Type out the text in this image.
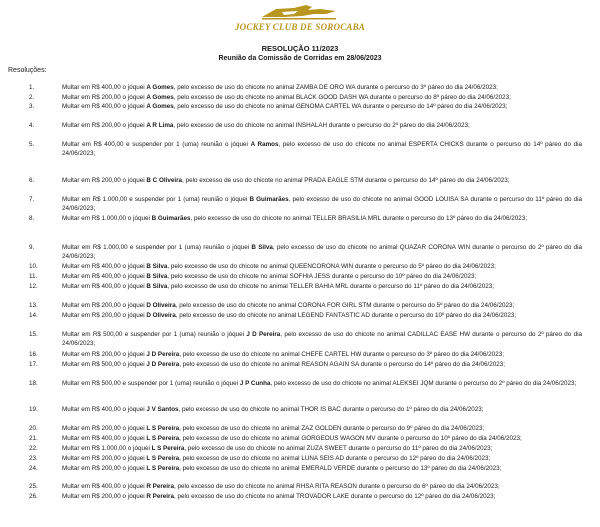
JOCKEY CLUB DE SOROCABA
RESOLUÇÃO 11/2023
Reunião da Comissão de Corridas em 28/06/2023
Resoluções:
1.	Multar em R$ 400,00 o jóquei A Gomes, pelo excesso de uso do chicote no animal ZAMBA DE ORO WA durante o percurso do 3º páreo do dia 24/06/2023;
2.	Multar em R$ 200,00 o jóquei A Gomes, pelo excesso de uso do chicote no animal BLACK GOOD DASH WA durante o percurso do 8º páreo do dia 24/06/2023;
3.	Multar em R$ 400,00 o jóquei A Gomes, pelo excesso de uso do chicote no animal GENOMA CARTEL WA durante o percurso do 14º páreo do dia 24/06/2023;
4.	Multar em R$ 200,00 o jóquei A R Lima, pelo excesso de uso do chicote no animal INSHALAH durante o percurso do 2º páreo do dia 24/06/2023;
5.	Multar em R$ 400,00 e suspender por 1 (uma) reunião o jóquei A Ramos, pelo excesso de uso do chicote no animal ESPERTA CHICKS durante o percurso do 14º páreo do dia 24/06/2023;
6.	Multar em R$ 200,00 o jóquei B C Oliveira, pelo excesso de uso do chicote no animal PRADA EAGLE STM durante o percurso do 14º páreo do dia 24/06/2023;
7.	Multar em R$ 1.000,00 e suspender por 1 (uma) reunião o jóquei B Guimarães, pelo excesso de uso do chicote no animal GOOD LOUISA SA durante o percurso do 11º páreo do dia 24/06/2023;
8.	Multar em R$ 1.000,00 o jóquei B Guimarães, pelo excesso de uso do chicote no animal TELLER BRASILIA MRL durante o percurso do 13º páreo do dia 24/06/2023;
9.	Multar em R$ 1.000,00 e suspender por 1 (uma) reunião o jóquei B Silva, pelo excesso de uso do chicote no animal QUAZAR CORONA WIN durante o percurso do 2º páreo do dia 24/06/2023;
10.	Multar em R$ 400,00 o jóquei B Silva, pelo excesso de uso do chicote no animal QUEENCORONA WIN durante o percurso do 5º páreo do dia 24/06/2023;
11.	Multar em R$ 400,00 o jóquei B Silva, pelo excesso de uso do chicote no animal SOFHIA JESS durante o percurso do 10º páreo do dia 24/06/2023;
12.	Multar em R$ 400,00 o jóquei B Silva, pelo excesso de uso do chicote no animal TELLER BAHIA MRL durante o percurso do 11º páreo do dia 24/06/2023;
13.	Multar em R$ 200,00 o jóquei D Oliveira, pelo excesso de uso do chicote no animal CORONA FOR GIRL STM durante o percurso do 5º páreo do dia 24/06/2023;
14.	Multar em R$ 200,00 o jóquei D Oliveira, pelo excesso de uso do chicote no animal LEGEND FANTASTIC AD durante o percurso do 10º páreo do dia 24/06/2023;
15.	Multar em R$ 500,00 e suspender por 1 (uma) reunião o jóquei J D Pereira, pelo excesso de uso do chicote no animal CADILLAC EASE HW durante o percurso do 2º páreo do dia 24/06/2023;
16.	Multar em R$ 200,00 o jóquei J D Pereira, pelo excesso de uso do chicote no animal CHEFE CARTEL HW durante o percurso do 3º páreo do dia 24/06/2023;
17.	Multar em R$ 500,00 o jóquei J D Pereira, pelo excesso de uso do chicote no animal REASON AGAIN SA durante o percurso do 14º páreo do dia 24/06/2023;
18.	Multar em R$ 500,00 e suspender por 1 (uma) reunião o jóquei J P Cunha, pelo excesso de uso do chicote no animal ALEKSEI JQM durante o percurso do 2º páreo do dia 24/06/2023;
19.	Multar em R$ 400,00 o jóquei J V Santos, pelo excesso de uso do chicote no animal THOR IS BAC durante o percurso do 1º páreo do dia 24/06/2023;
20.	Multar em R$ 200,00 o jóquei L S Pereira, pelo excesso de uso do chicote no animal ZAZ GOLDEN durante o percurso do 9º páreo do dia 24/06/2023;
21.	Multar em R$ 400,00 o jóquei L S Pereira, pelo excesso de uso do chicote no animal GORGEOUS WAGON MV durante o percurso do 10º páreo do dia 24/06/2023;
22.	Multar em R$ 1.000,00 o jóquei L S Pereira, pelo excesso de uso do chicote no animal ZUZA SWEET durante o percurso do 11º páreo do dia 24/06/2023;
23.	Multar em R$ 200,00 o jóquei L S Pereira, pelo excesso de uso do chicote no animal LUNA SEIS AD durante o percurso do 12º páreo do dia 24/06/2023;
24.	Multar em R$ 200,00 o jóquei L S Pereira, pelo excesso de uso do chicote no animal EMERALD VERDE durante o percurso do 13º páreo do dia 24/06/2023;
25.	Multar em R$ 400,00 o jóquei R Pereira, pelo excesso de uso do chicote no animal RHSA RITA REASON durante o percurso do 6º páreo do dia 24/06/2023;
26.	Multar em R$ 200,00 o jóquei R Pereira, pelo excesso de uso do chicote no animal TROVADOR LAKE durante o percurso do 12º páreo do dia 24/06/2023;
